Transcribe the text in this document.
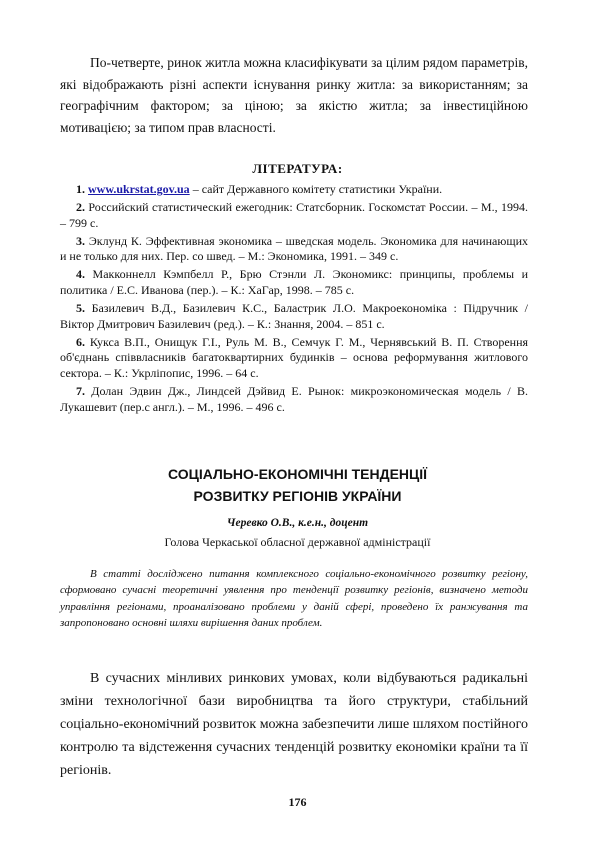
По-четверте, ринок житла можна класифікувати за цілим рядом параметрів, які відображають різні аспекти існування ринку житла: за використанням; за географічним фактором; за ціною; за якістю житла; за інвестиційною мотивацією; за типом прав власності.

ЛІТЕРАТУРА:

1. www.ukrstat.gov.ua – сайт Державного комітету статистики України.

2. Российский статистический ежегодник: Статсборник. Госкомстат России. – М., 1994. – 799 с.

3. Эклунд К. Эффективная экономика – шведская модель. Экономика для начинающих и не только для них. Пер. со швед. – М.: Экономика, 1991. – 349 с.

4. Макконнелл Кэмпбелл Р., Брю Стэнли Л. Экономикс: принципы, проблемы и политика / Е.С. Иванова (пер.). – К.: ХаГар, 1998. – 785 с.

5. Базилевич В.Д., Базилевич К.С., Баластрик Л.О. Макроекономіка : Підручник / Віктор Дмитрович Базилевич (ред.). – К.: Знання, 2004. – 851 с.

6. Кукса В.П., Онищук Г.І., Руль М. В., Семчук Г. М., Чернявський В. П. Створення об'єднань співвласників багатоквартирних будинків – основа реформування житлового сектора. – К.: Укрліпопис, 1996. – 64 с.

7. Долан Эдвин Дж., Линдсей Дэйвид Е. Рынок: микроэкономическая модель / В. Лукашевит (пер.с англ.). – М., 1996. – 496 с.

СОЦІАЛЬНО-ЕКОНОМІЧНІ ТЕНДЕНЦІЇ
РОЗВИТКУ РЕГІОНІВ УКРАЇНИ
Черевко О.В., к.е.н., доцент
Голова Черкаської обласної державної адміністрації

В статті досліджено питання комплексного соціально-економічного розвитку регіону, сформовано сучасні теоретичні уявлення про тенденції розвитку регіонів, визначено методи управління регіонами, проаналізовано проблеми у даній сфері, проведено їх ранжування та запропоновано основні шляхи вирішення даних проблем.

В сучасних мінливих ринкових умовах, коли відбуваються радикальні зміни технологічної бази виробництва та його структури, стабільний соціально-економічний розвиток можна забезпечити лише шляхом постійного контролю та відстеження сучасних тенденцій розвитку економіки країни та її регіонів.

176
